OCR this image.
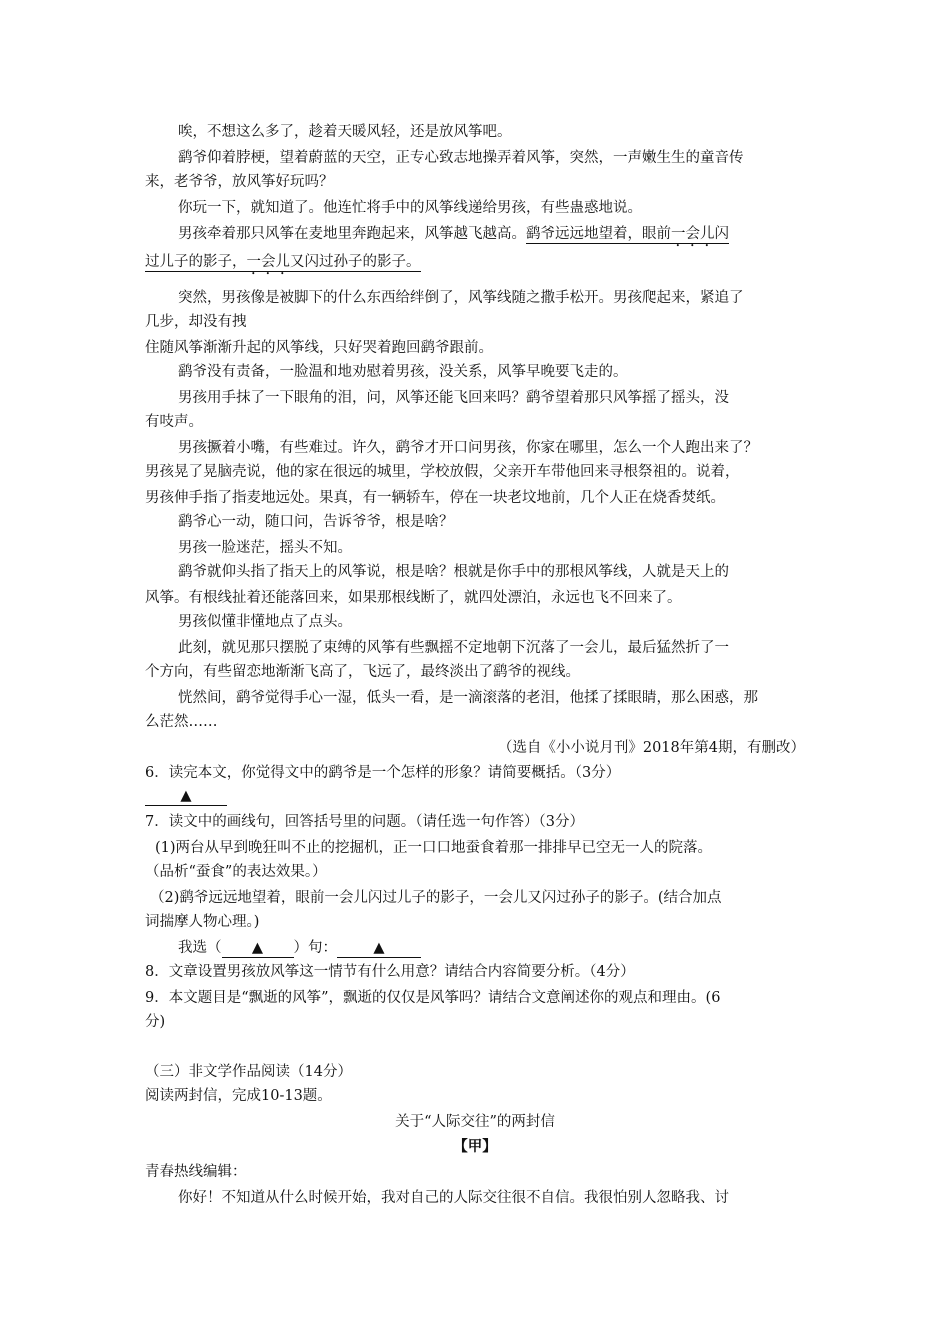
唉，不想这么多了，趁着天暖风轻，还是放风筝吧。
鹞爷仰着脖梗，望着蔚蓝的天空，正专心致志地操弄着风筝，突然，一声嫩生生的童音传
来，老爷爷，放风筝好玩吗？
你玩一下，就知道了。他连忙将手中的风筝线递给男孩，有些蛊惑地说。
男孩牵着那只风筝在麦地里奔跑起来，风筝越飞越高。鹞爷远远地望着，眼前一会儿闪
过儿子的影子，一会儿又闪过孙子的影子。
突然，男孩像是被脚下的什么东西给绊倒了，风筝线随之撒手松开。男孩爬起来，紧追了
几步，却没有拽
住随风筝渐渐升起的风筝线，只好哭着跑回鹞爷跟前。
鹞爷没有责备，一脸温和地劝慰着男孩，没关系，风筝早晚要飞走的。
男孩用手抹了一下眼角的泪，问，风筝还能飞回来吗？鹞爷望着那只风筝摇了摇头，没
有吱声。
男孩撅着小嘴，有些难过。许久，鹞爷才开口问男孩，你家在哪里，怎么一个人跑出来了？
男孩晃了晃脑壳说，他的家在很远的城里，学校放假，父亲开车带他回来寻根祭祖的。说着，
男孩伸手指了指麦地远处。果真，有一辆轿车，停在一块老坟地前，几个人正在烧香焚纸。
鹞爷心一动，随口问，告诉爷爷，根是啥？
男孩一脸迷茫，摇头不知。
鹞爷就仰头指了指天上的风筝说，根是啥？根就是你手中的那根风筝线，人就是天上的
风筝。有根线扯着还能落回来，如果那根线断了，就四处漂泊，永远也飞不回来了。
男孩似懂非懂地点了点头。
此刻，就见那只摆脱了束缚的风筝有些飘摇不定地朝下沉落了一会儿，最后猛然折了一
个方向，有些留恋地渐渐飞高了，飞远了，最终淡出了鹞爷的视线。
恍然间，鹞爷觉得手心一湿，低头一看，是一滴滚落的老泪，他揉了揉眼睛，那么困惑，那
么茫然……
（选自《小小说月刊》2018年第4期，有删改）
6．读完本文，你觉得文中的鹞爷是一个怎样的形象？请简要概括。（3分）
▲
7．读文中的画线句，回答括号里的问题。（请任选一句作答）（3分）
(1)两台从早到晚狂叫不止的挖掘机，正一口口地蚕食着那一排排早已空无一人的院落。
（品析“蚕食”的表达效果。）
（2)鹞爷远远地望着，眼前一会儿闪过儿子的影子，一会儿又闪过孙子的影子。(结合加点
词揣摩人物心理。)
我选（ ▲ ）句：	▲
8．文章设置男孩放风筝这一情节有什么用意？请结合内容简要分析。（4分）
9．本文题目是“飘逝的风筝”，飘逝的仅仅是风筝吗？请结合文意阐述你的观点和理由。(6
分)
（三）非文学作品阅读（14分）
阅读两封信，完成10-13题。
关于“人际交往”的两封信
【甲】
青春热线编辑：
你好！不知道从什么时候开始，我对自己的人际交往很不自信。我很怕别人忽略我、讨
